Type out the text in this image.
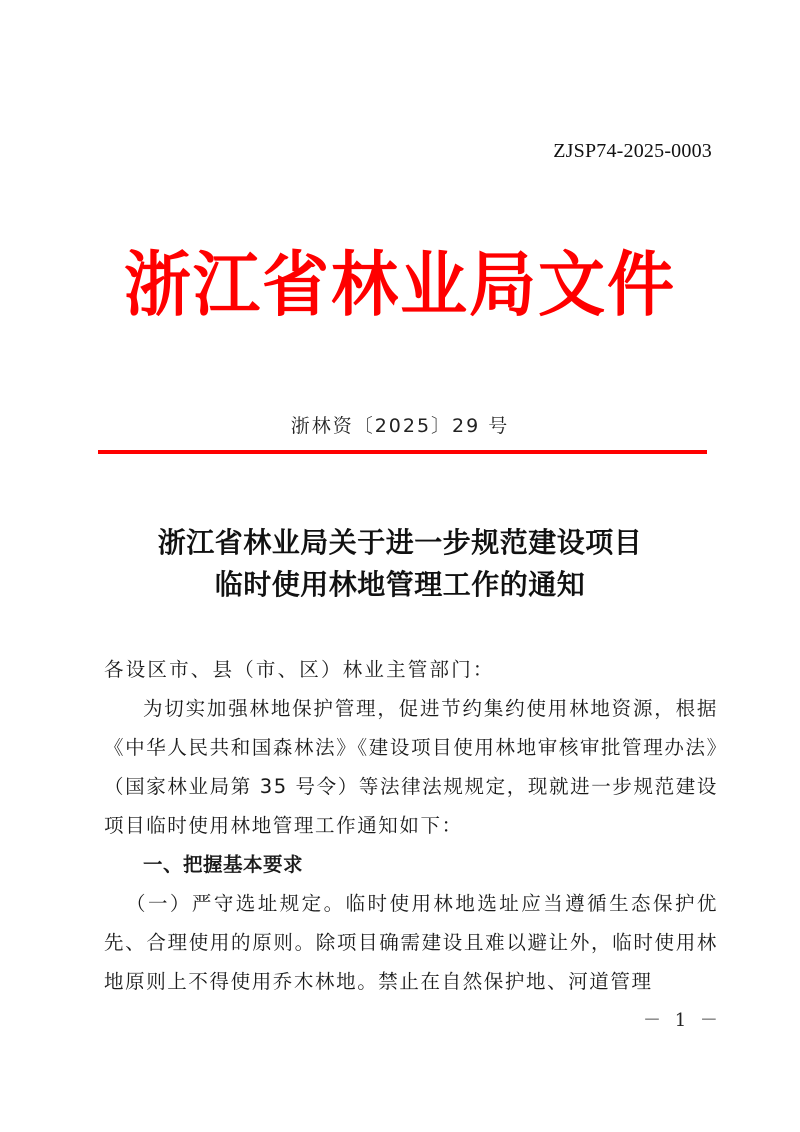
ZJSP74-2025-0003
浙江省林业局文件
浙林资〔2025〕29 号
浙江省林业局关于进一步规范建设项目
临时使用林地管理工作的通知

各设区市、县（市、区）林业主管部门：

为切实加强林地保护管理，促进节约集约使用林地资源，根据《中华人民共和国森林法》《建设项目使用林地审核审批管理办法》（国家林业局第 35 号令）等法律法规规定，现就进一步规范建设项目临时使用林地管理工作通知如下：

一、把握基本要求

（一）严守选址规定。临时使用林地选址应当遵循生态保护优先、合理使用的原则。除项目确需建设且难以避让外，临时使用林地原则上不得使用乔木林地。禁止在自然保护地、河道管理

－ 1 －
